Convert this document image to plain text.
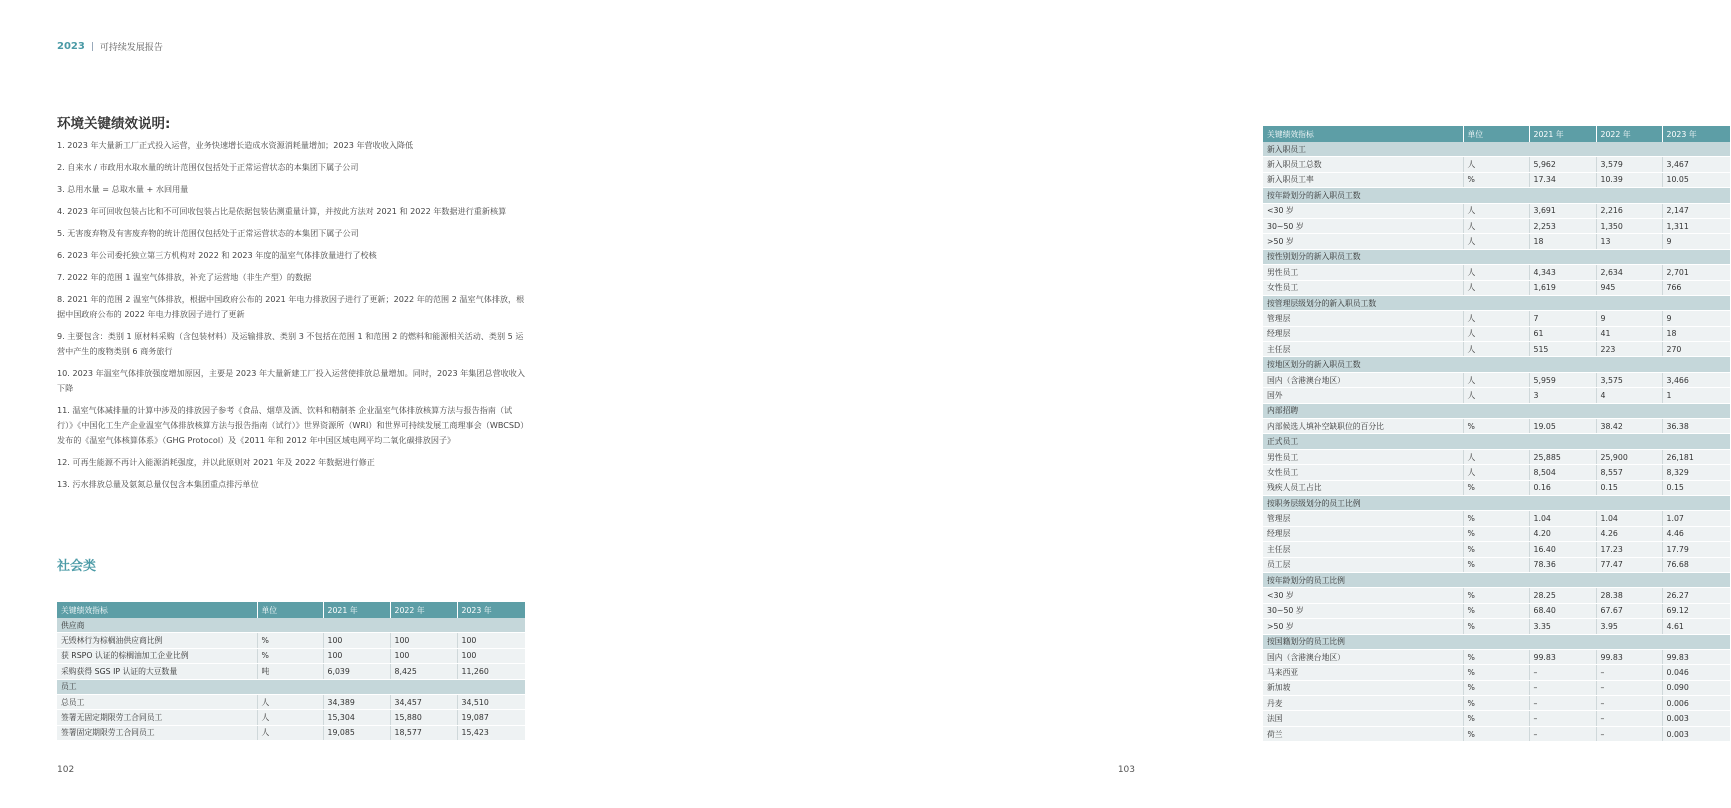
2023 可持续发展报告
环境关键绩效说明:

1. 2023 年大量新工厂正式投入运营，业务快速增长造成水资源消耗量增加；2023 年营收收入降低

2. 自来水 / 市政用水取水量的统计范围仅包括处于正常运营状态的本集团下属子公司

3. 总用水量 = 总取水量 + 水回用量

4. 2023 年可回收包装占比和不可回收包装占比是依据包装估测重量计算，并按此方法对 2021 和 2022 年数据进行重新核算

5. 无害废弃物及有害废弃物的统计范围仅包括处于正常运营状态的本集团下属子公司

6. 2023 年公司委托独立第三方机构对 2022 和 2023 年度的温室气体排放量进行了校核

7. 2022 年的范围 1 温室气体排放，补充了运营地（非生产型）的数据

8. 2021 年的范围 2 温室气体排放，根据中国政府公布的 2021 年电力排放因子进行了更新；2022 年的范围 2 温室气体排放，根据中国政府公布的 2022 年电力排放因子进行了更新

9. 主要包含：类别 1 原材料采购（含包装材料）及运输排放、类别 3 不包括在范围 1 和范围 2 的燃料和能源相关活动、类别 5 运营中产生的废物类别 6 商务旅行

10. 2023 年温室气体排放强度增加原因，主要是 2023 年大量新建工厂投入运营使排放总量增加。同时，2023 年集团总营收收入下降

11. 温室气体减排量的计算中涉及的排放因子参考《食品、烟草及酒、饮料和精制茶 企业温室气体排放核算方法与报告指南（试行）》《中国化工生产企业温室气体排放核算方法与报告指南（试行）》世界资源所（WRI）和世界可持续发展工商理事会（WBCSD）发布的《温室气体核算体系》（GHG Protocol）及《2011 年和 2012 年中国区域电网平均二氧化碳排放因子》

12. 可再生能源不再计入能源消耗强度，并以此原则对 2021 年及 2022 年数据进行修正

13. 污水排放总量及氨氮总量仅包含本集团重点排污单位

社会类
关键绩效指标	单位	2021 年	2022 年	2023 年
供应商				
无毁林行为棕榈油供应商比例	%	100	100	100
获 RSPO 认证的棕榈油加工企业比例	%	100	100	100
采购获得 SGS IP 认证的大豆数量	吨	6,039	8,425	11,260
员工				
总员工	人	34,389	34,457	34,510
签署无固定期限劳工合同员工	人	15,304	15,880	19,087
签署固定期限劳工合同员工	人	19,085	18,577	15,423
102
关键绩效指标	单位	2021 年	2022 年	2023 年
新入职员工				
新入职员工总数	人	5,962	3,579	3,467
新入职员工率	%	17.34	10.39	10.05
按年龄划分的新入职员工数				
<30 岁	人	3,691	2,216	2,147
30~50 岁	人	2,253	1,350	1,311
>50 岁	人	18	13	9
按性别划分的新入职员工数				
男性员工	人	4,343	2,634	2,701
女性员工	人	1,619	945	766
按管理层级划分的新入职员工数				
管理层	人	7	9	9
经理层	人	61	41	18
主任层	人	515	223	270
按地区划分的新入职员工数				
国内（含港澳台地区）	人	5,959	3,575	3,466
国外	人	3	4	1
内部招聘				
内部候选人填补空缺职位的百分比	%	19.05	38.42	36.38
正式员工				
男性员工	人	25,885	25,900	26,181
女性员工	人	8,504	8,557	8,329
残疾人员工占比	%	0.16	0.15	0.15
按职务层级划分的员工比例				
管理层	%	1.04	1.04	1.07
经理层	%	4.20	4.26	4.46
主任层	%	16.40	17.23	17.79
员工层	%	78.36	77.47	76.68
按年龄划分的员工比例				
<30 岁	%	28.25	28.38	26.27
30~50 岁	%	68.40	67.67	69.12
>50 岁	%	3.35	3.95	4.61
按国籍划分的员工比例				
国内（含港澳台地区）	%	99.83	99.83	99.83
马来西亚	%	–	–	0.046
新加坡	%	–	–	0.090
丹麦	%	–	–	0.006
法国	%	–	–	0.003
荷兰	%	–	–	0.003
103
